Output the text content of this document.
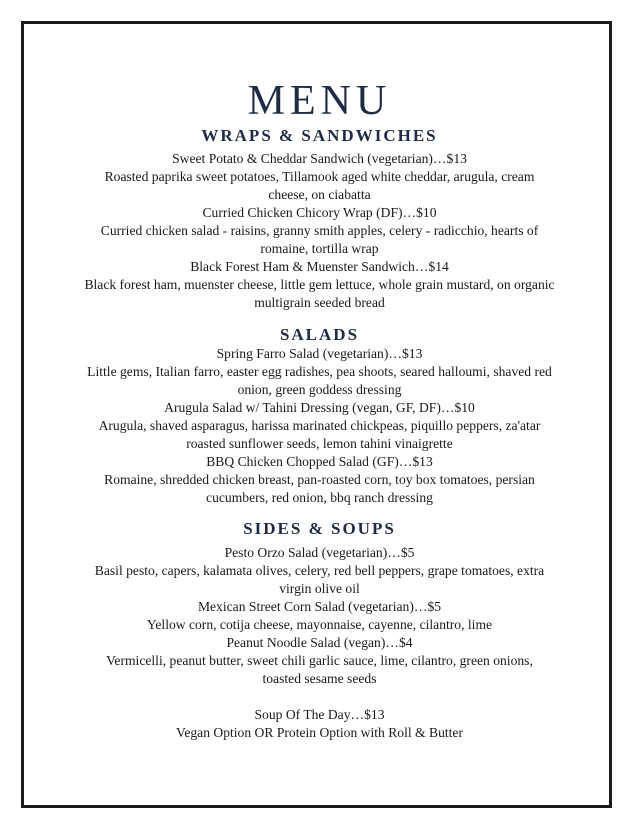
MENU
WRAPS & SANDWICHES
Sweet Potato & Cheddar Sandwich (vegetarian)…$13
Roasted paprika sweet potatoes, Tillamook aged white cheddar, arugula, cream
cheese, on ciabatta
Curried Chicken Chicory Wrap (DF)…$10
Curried chicken salad - raisins, granny smith apples, celery - radicchio, hearts of
romaine, tortilla wrap
Black Forest Ham & Muenster Sandwich…$14
Black forest ham, muenster cheese, little gem lettuce, whole grain mustard, on organic
multigrain seeded bread
SALADS
Spring Farro Salad (vegetarian)…$13
Little gems, Italian farro, easter egg radishes, pea shoots, seared halloumi, shaved red
onion, green goddess dressing
Arugula Salad w/ Tahini Dressing (vegan, GF, DF)…$10
Arugula, shaved asparagus, harissa marinated chickpeas, piquillo peppers, za'atar
roasted sunflower seeds, lemon tahini vinaigrette
BBQ Chicken Chopped Salad (GF)…$13
Romaine, shredded chicken breast, pan-roasted corn, toy box tomatoes, persian
cucumbers, red onion, bbq ranch dressing
SIDES & SOUPS
Pesto Orzo Salad (vegetarian)…$5
Basil pesto, capers, kalamata olives, celery, red bell peppers, grape tomatoes, extra
virgin olive oil
Mexican Street Corn Salad (vegetarian)…$5
Yellow corn, cotija cheese, mayonnaise, cayenne, cilantro, lime
Peanut Noodle Salad (vegan)…$4
Vermicelli, peanut butter, sweet chili garlic sauce, lime, cilantro, green onions,
toasted sesame seeds
Soup Of The Day…$13
Vegan Option OR Protein Option with Roll & Butter
